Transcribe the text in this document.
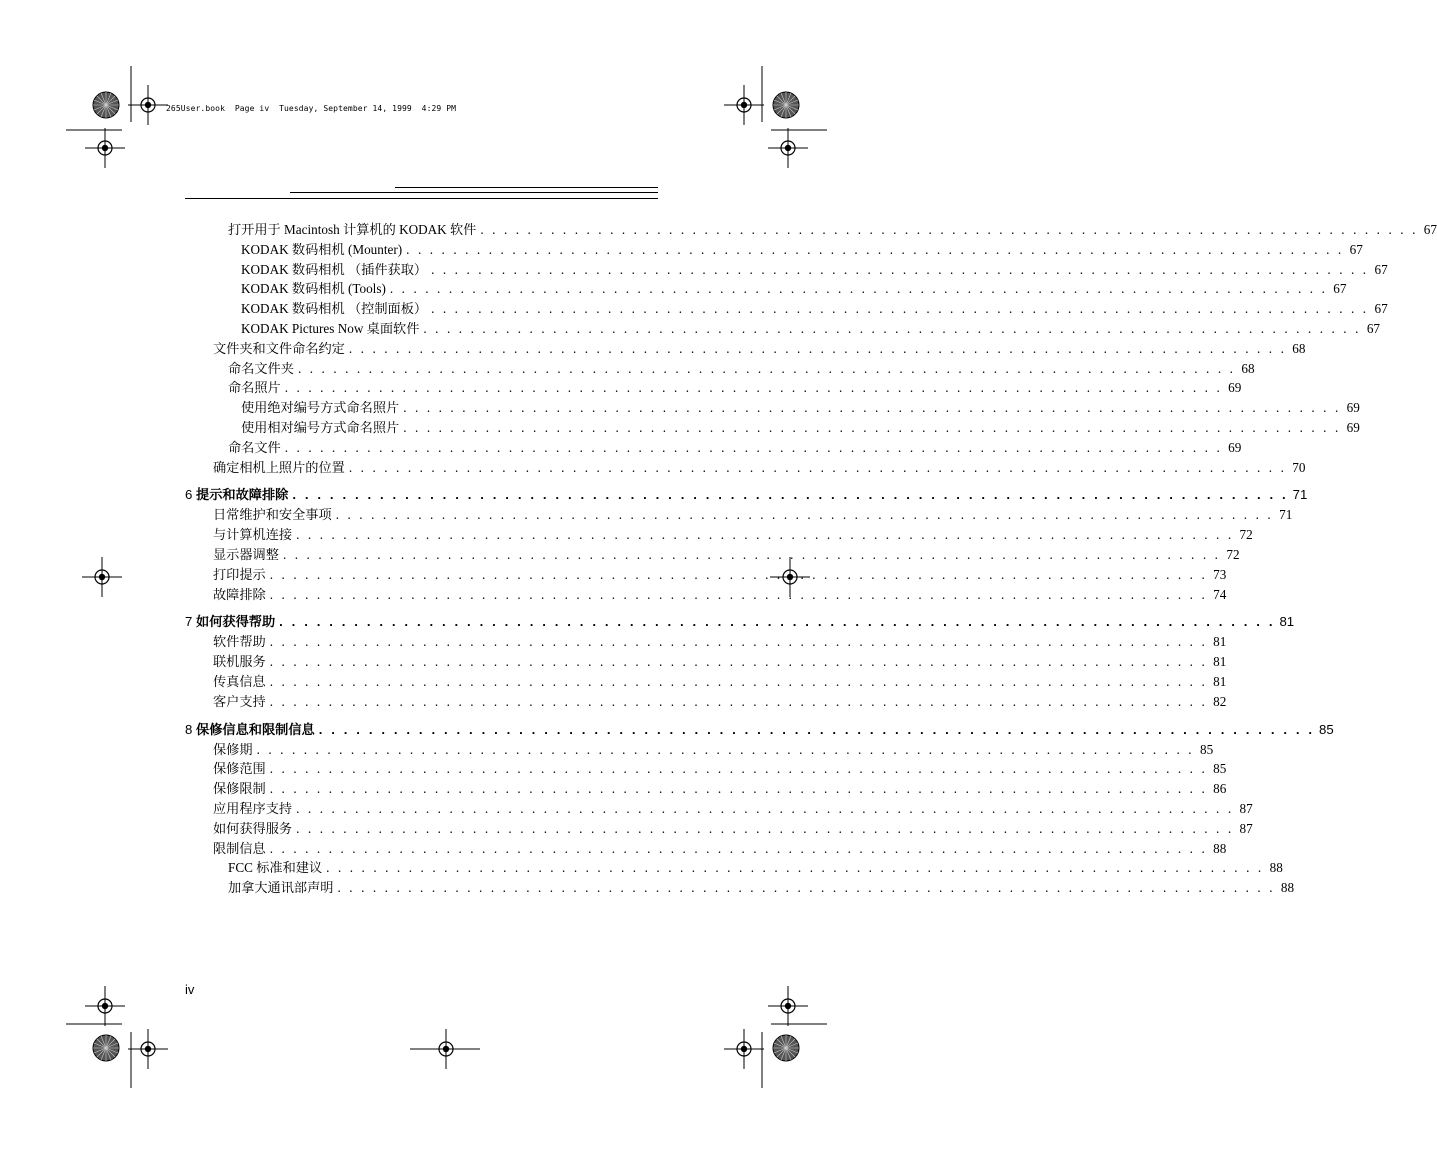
265User.book  Page iv  Tuesday, September 14, 1999  4:29 PM
打开用于 Macintosh 计算机的 KODAK 软件 . . . . . . . . . . . . . . . . . . . . . . . . . . . . . . . . . . . . . . . . . . . . . . . . . . . . . . . . . . . . . . . . . . . . . . . . . . . . . . . . 67
KODAK 数码相机 (Mounter) . . . . . . . . . . . . . . . . . . . . . . . . . . . . . . . . . . . . . . . . . . . . . . . . . . . . . . . . . . . . . . . . . . . . . . . . . . . . . . . . 67
KODAK 数码相机 （插件获取） . . . . . . . . . . . . . . . . . . . . . . . . . . . . . . . . . . . . . . . . . . . . . . . . . . . . . . . . . . . . . . . . . . . . . . . . . . . . . . . . 67
KODAK 数码相机 (Tools) . . . . . . . . . . . . . . . . . . . . . . . . . . . . . . . . . . . . . . . . . . . . . . . . . . . . . . . . . . . . . . . . . . . . . . . . . . . . . . . . 67
KODAK 数码相机 （控制面板） . . . . . . . . . . . . . . . . . . . . . . . . . . . . . . . . . . . . . . . . . . . . . . . . . . . . . . . . . . . . . . . . . . . . . . . . . . . . . . . . 67
KODAK Pictures Now 桌面软件 . . . . . . . . . . . . . . . . . . . . . . . . . . . . . . . . . . . . . . . . . . . . . . . . . . . . . . . . . . . . . . . . . . . . . . . . . . . . . . . . 67
文件夹和文件命名约定 . . . . . . . . . . . . . . . . . . . . . . . . . . . . . . . . . . . . . . . . . . . . . . . . . . . . . . . . . . . . . . . . . . . . . . . . . . . . . . . . 68
命名文件夹 . . . . . . . . . . . . . . . . . . . . . . . . . . . . . . . . . . . . . . . . . . . . . . . . . . . . . . . . . . . . . . . . . . . . . . . . . . . . . . . . 68
命名照片 . . . . . . . . . . . . . . . . . . . . . . . . . . . . . . . . . . . . . . . . . . . . . . . . . . . . . . . . . . . . . . . . . . . . . . . . . . . . . . . . 69
使用绝对编号方式命名照片 . . . . . . . . . . . . . . . . . . . . . . . . . . . . . . . . . . . . . . . . . . . . . . . . . . . . . . . . . . . . . . . . . . . . . . . . . . . . . . . . 69
使用相对编号方式命名照片 . . . . . . . . . . . . . . . . . . . . . . . . . . . . . . . . . . . . . . . . . . . . . . . . . . . . . . . . . . . . . . . . . . . . . . . . . . . . . . . . 69
命名文件 . . . . . . . . . . . . . . . . . . . . . . . . . . . . . . . . . . . . . . . . . . . . . . . . . . . . . . . . . . . . . . . . . . . . . . . . . . . . . . . . 69
确定相机上照片的位置 . . . . . . . . . . . . . . . . . . . . . . . . . . . . . . . . . . . . . . . . . . . . . . . . . . . . . . . . . . . . . . . . . . . . . . . . . . . . . . . . 70
6 提示和故障排除 . . . . . . . . . . . . . . . . . . . . . . . . . . . . . . . . . . . . . . . . . . . . . . . . . . . . . . . . . . . . . . . . . . . . . . . . . . . . . . . . 71
日常维护和安全事项 . . . . . . . . . . . . . . . . . . . . . . . . . . . . . . . . . . . . . . . . . . . . . . . . . . . . . . . . . . . . . . . . . . . . . . . . . . . . . . . . 71
与计算机连接 . . . . . . . . . . . . . . . . . . . . . . . . . . . . . . . . . . . . . . . . . . . . . . . . . . . . . . . . . . . . . . . . . . . . . . . . . . . . . . . . 72
显示器调整 . . . . . . . . . . . . . . . . . . . . . . . . . . . . . . . . . . . . . . . . . . . . . . . . . . . . . . . . . . . . . . . . . . . . . . . . . . . . . . . . 72
打印提示 . . . . . . . . . . . . . . . . . . . . . . . . . . . . . . . . . . . . . . . . . . . . . . . . . . . . . . . . . . . . . . . . . . . . . . . . . . . . . . . . 73
故障排除 . . . . . . . . . . . . . . . . . . . . . . . . . . . . . . . . . . . . . . . . . . . . . . . . . . . . . . . . . . . . . . . . . . . . . . . . . . . . . . . . 74
7 如何获得帮助 . . . . . . . . . . . . . . . . . . . . . . . . . . . . . . . . . . . . . . . . . . . . . . . . . . . . . . . . . . . . . . . . . . . . . . . . . . . . . . . . 81
软件帮助 . . . . . . . . . . . . . . . . . . . . . . . . . . . . . . . . . . . . . . . . . . . . . . . . . . . . . . . . . . . . . . . . . . . . . . . . . . . . . . . . 81
联机服务 . . . . . . . . . . . . . . . . . . . . . . . . . . . . . . . . . . . . . . . . . . . . . . . . . . . . . . . . . . . . . . . . . . . . . . . . . . . . . . . . 81
传真信息 . . . . . . . . . . . . . . . . . . . . . . . . . . . . . . . . . . . . . . . . . . . . . . . . . . . . . . . . . . . . . . . . . . . . . . . . . . . . . . . . 81
客户支持 . . . . . . . . . . . . . . . . . . . . . . . . . . . . . . . . . . . . . . . . . . . . . . . . . . . . . . . . . . . . . . . . . . . . . . . . . . . . . . . . 82
8 保修信息和限制信息 . . . . . . . . . . . . . . . . . . . . . . . . . . . . . . . . . . . . . . . . . . . . . . . . . . . . . . . . . . . . . . . . . . . . . . . . . . . . . . . . 85
保修期 . . . . . . . . . . . . . . . . . . . . . . . . . . . . . . . . . . . . . . . . . . . . . . . . . . . . . . . . . . . . . . . . . . . . . . . . . . . . . . . . 85
保修范围 . . . . . . . . . . . . . . . . . . . . . . . . . . . . . . . . . . . . . . . . . . . . . . . . . . . . . . . . . . . . . . . . . . . . . . . . . . . . . . . . 85
保修限制 . . . . . . . . . . . . . . . . . . . . . . . . . . . . . . . . . . . . . . . . . . . . . . . . . . . . . . . . . . . . . . . . . . . . . . . . . . . . . . . . 86
应用程序支持 . . . . . . . . . . . . . . . . . . . . . . . . . . . . . . . . . . . . . . . . . . . . . . . . . . . . . . . . . . . . . . . . . . . . . . . . . . . . . . . . 87
如何获得服务 . . . . . . . . . . . . . . . . . . . . . . . . . . . . . . . . . . . . . . . . . . . . . . . . . . . . . . . . . . . . . . . . . . . . . . . . . . . . . . . . 87
限制信息 . . . . . . . . . . . . . . . . . . . . . . . . . . . . . . . . . . . . . . . . . . . . . . . . . . . . . . . . . . . . . . . . . . . . . . . . . . . . . . . . 88
FCC 标准和建议 . . . . . . . . . . . . . . . . . . . . . . . . . . . . . . . . . . . . . . . . . . . . . . . . . . . . . . . . . . . . . . . . . . . . . . . . . . . . . . . . 88
加拿大通讯部声明 . . . . . . . . . . . . . . . . . . . . . . . . . . . . . . . . . . . . . . . . . . . . . . . . . . . . . . . . . . . . . . . . . . . . . . . . . . . . . . . . 88
iv
